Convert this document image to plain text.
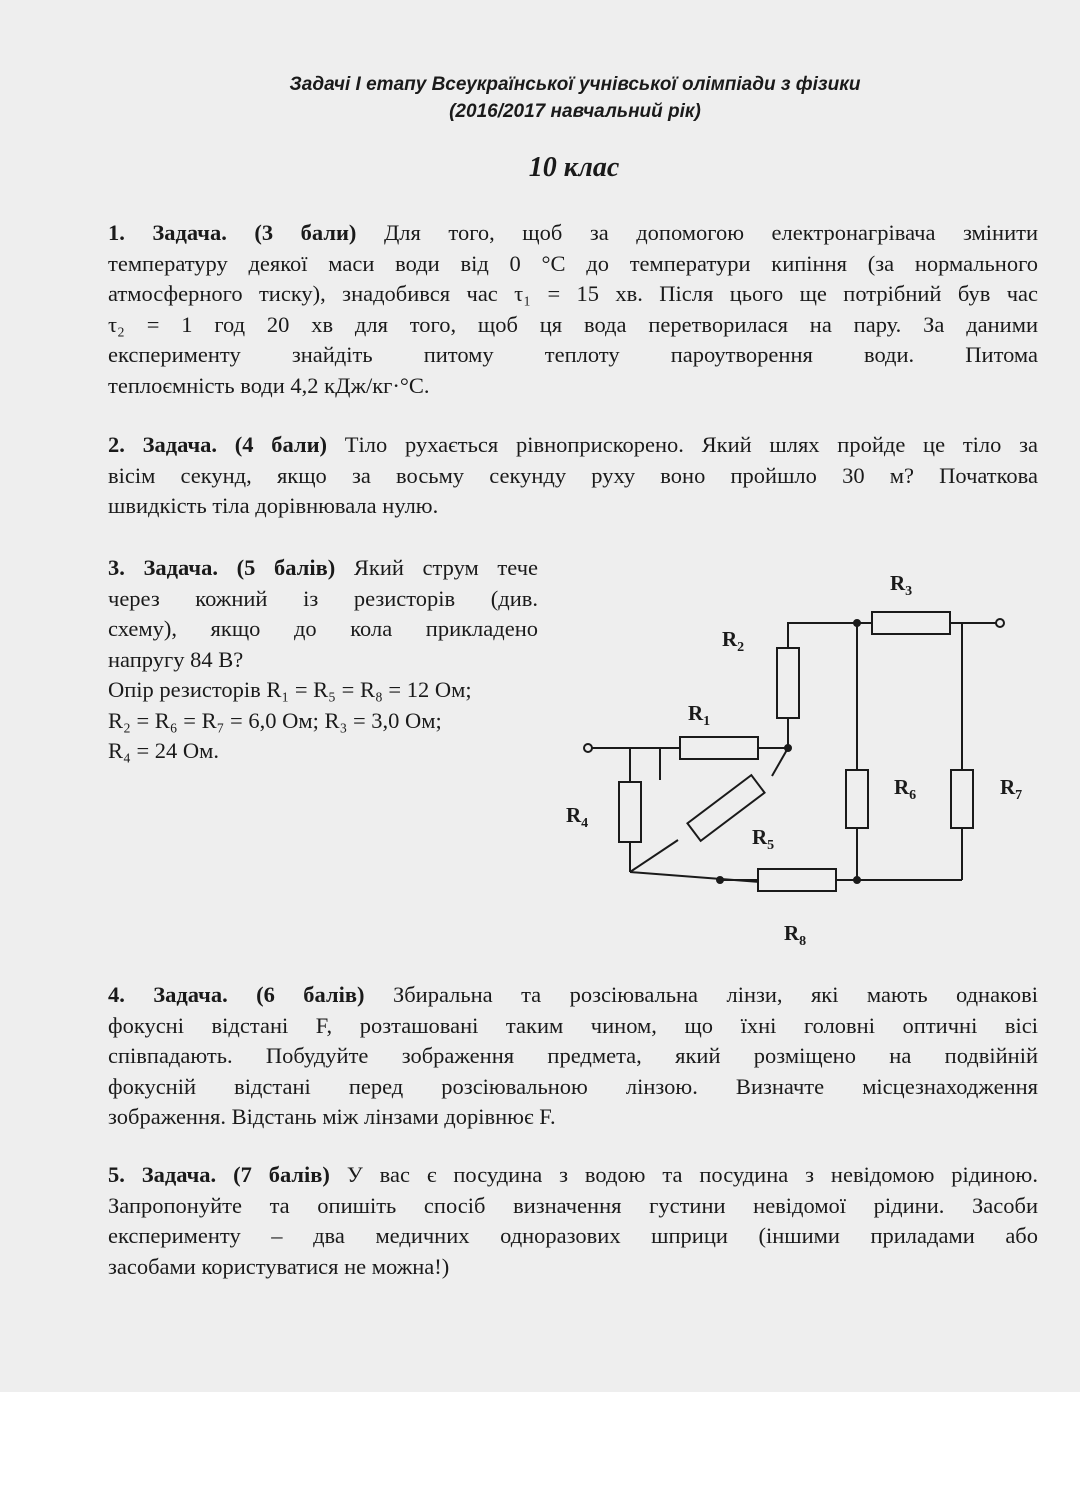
Задачі І етапу Всеукраїнської учнівської олімпіади з фізики
(2016/2017 навчальний рік)
10 клас
1. Задача. (3 бали) Для того, щоб за допомогою електронагрівача змінити
температуру деякої маси води від 0 °С до температури кипіння (за нормального
атмосферного тиску), знадобився час τ₁ = 15 хв. Після цього ще потрібний був час
τ₂ = 1 год 20 хв для того, щоб ця вода перетворилася на пару. За даними
експерименту знайдіть питому теплоту пароутворення води. Питома
теплоємність води 4,2 кДж/кг·°С.
2. Задача. (4 бали) Тіло рухається рівноприскорено. Який шлях пройде це тіло за
вісім секунд, якщо за восьму секунду руху воно пройшло 30 м? Початкова
швидкість тіла дорівнювала нулю.
3. Задача. (5 балів) Який струм тече
через кожний із резисторів (див.
схему), якщо до кола прикладено
напругу 84 В?
Опір резисторів R₁ = R₅ = R₈ = 12 Ом;
R₂ = R₆ = R₇ = 6,0 Ом; R₃ = 3,0 Ом;
R₄ = 24 Ом.
$R_1$
$R_2$
$R_3$
$R_4$
$R_5$
$R_6$	$R_7$
$R_8$
4. Задача. (6 балів) Збиральна та розсіювальна лінзи, які мають однакові
фокусні відстані F, розташовані таким чином, що їхні головні оптичні вісі
співпадають. Побудуйте зображення предмета, який розміщено на подвійній
фокусній відстані перед розсіювальною лінзою. Визначте місцезнаходження
зображення. Відстань між лінзами дорівнює F.
5. Задача. (7 балів) У вас є посудина з водою та посудина з невідомою рідиною.
Запропонуйте та опишіть спосіб визначення густини невідомої рідини. Засоби
експерименту – два медичних одноразових шприци (іншими приладами або
засобами користуватися не можна!)
